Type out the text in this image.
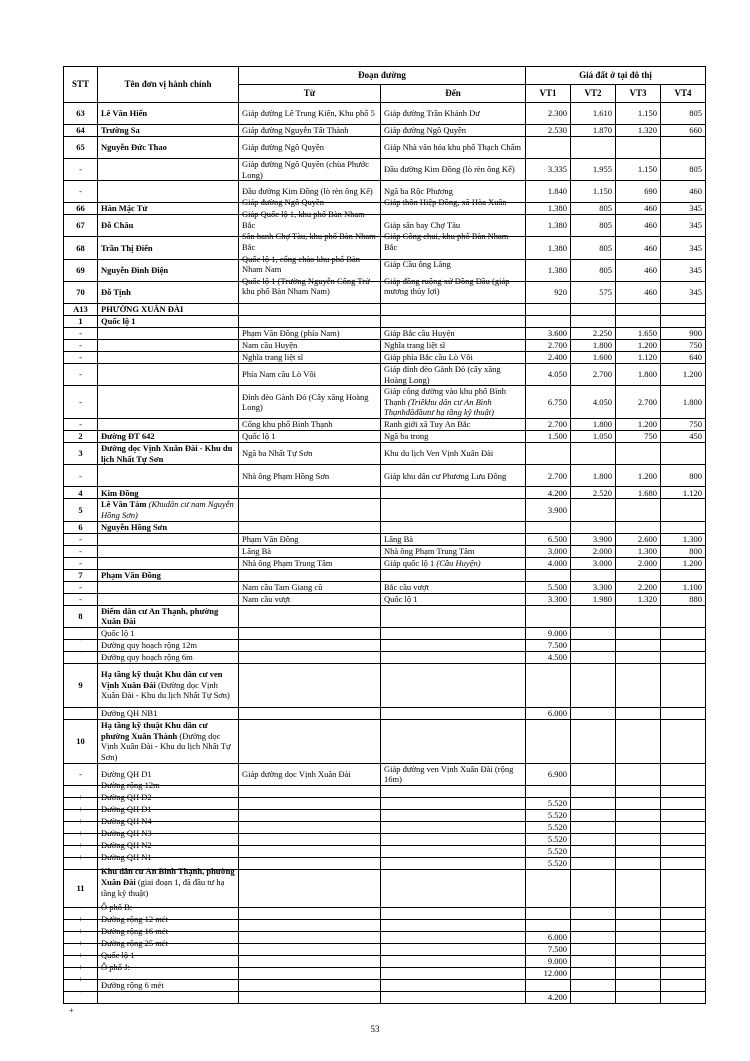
STT	Tên đơn vị hành chính	Đoạn đường		Giá đất ở tại đô thị			
		Từ	Đến	VT1	VT2	VT3	VT4
63	Lê Văn Hiển	Giáp đường Lê Trung Kiên, Khu phố 5	Giáp đường Trần Khánh Dư	2.300	1.610	1.150	805
64	Trường Sa	Giáp đường Nguyễn Tất Thành	Giáp đường Ngô Quyền	2.530	1.870	1.320	660
65	Nguyễn Đức Thao	Giáp đường Ngô Quyền	Giáp Nhà văn hóa khu phố Thạch Chẩm				
-		Giáp đường Ngô Quyền (chùa Phước Long)	Đầu đường Kim Đồng (lò rèn ông Kế)	3.335	1.955	1.150	805
-		Đầu đường Kim Đồng (lò rèn ông Kế)	Ngã ba Rộc Phương	1.840	1.150	690	460
66	Hàn Mặc Tử	Giáp đường Ngô Quyền	Giáp thôn Hiệp Đồng, xã Hòa Xuân	1.380	805	460	345
67	Đỗ Châu	Giáp Quốc lộ 1, khu phố Bàn Nham Bắc	Giáp sân bay Chợ Tàu	1.380	805	460	345
68	Trần Thị Điển	Sân banh Chợ Tàu, khu phố Bàn Nham Bắc	Giáp Cống chui, khu phố Bàn Nham Bắc	1.380	805	460	345
69	Nguyễn Đình Điện	Quốc lộ 1, cổng chào khu phố Bàn Nham Nam	Giáp Cầu ông Lãng	1.380	805	460	345
70	Đỗ Tịnh	Quốc lộ 1 (Trường Nguyễn Công Trứ - khu phố Bàn Nham Nam)	Giáp đồng ruộng xứ Đồng Đầu (giáp mương thủy lợi)	920	575	460	345
A13	PHƯỜNG XUÂN ĐÀI						
1	Quốc lộ 1						
-		Phạm Văn Đồng (phía Nam)	Giáp Bắc cầu Huyện	3.600	2.250	1.650	900
-		Nam cầu Huyện	Nghĩa trang liệt sĩ	2.700	1.800	1.200	750
-		Nghĩa trang liệt sĩ	Giáp phía Bắc cầu Lò Vôi	2.400	1.600	1.120	640
-		Phía Nam cầu Lò Vôi	Giáp đỉnh đèo Gành Đỏ (cây xăng Hoàng Long)	4.050	2.700	1.800	1.200
-		Đỉnh đèo Gành Đỏ (Cây xăng Hoàng Long)	Giáp cổng đường vào khu phố Bình Thạnh (Triềkhu dân cư An Bình Thạnhđãđầutư hạ tầng kỹ thuật)	6.750	4.050	2.700	1.800
-		Cổng khu phố Bình Thạnh	Ranh giới xã Tuy An Bắc	2.700	1.800	1.200	750
2	Đường ĐT 642	Quốc lộ 1	Ngã ba trong	1.500	1.050	750	450
3	Đường dọc Vịnh Xuân Đài - Khu du lịch Nhất Tự Sơn	Ngã ba Nhất Tự Sơn	Khu du lịch Ven Vịnh Xuân Đài				
-		Nhà ông Phạm Hồng Sơn	Giáp khu dân cư Phương Lưu Đông	2.700	1.800	1.200	800
4	Kim Đồng			4.200	2.520	1.680	1.120
5	Lê Văn Tám (Khudân cư nam Nguyễn Hồng Sơn)			3.900			
6	Nguyễn Hồng Sơn						
-		Phạm Văn Đồng	Lăng Bà	6.500	3.900	2.600	1.300
-		Lăng Bà	Nhà ông Phạm Trung Tâm	3.000	2.000	1.300	800
-		Nhà ông Phạm Trung Tâm	Giáp quốc lộ 1 (Cầu Huyện)	4.000	3.000	2.000	1.200
7	Phạm Văn Đồng						
-		Nam cầu Tam Giang cũ	Bắc cầu vượt	5.500	3.300	2.200	1.100
-		Nam cầu vượt	Quốc lộ 1	3.300	1.980	1.320	880
8	Điểm dân cư An Thạnh, phường Xuân Đài						

-	Quốc lộ 1			9.000			

-	Đường quy hoạch rộng 12m			7.500			

-	Đường quy hoạch rộng 6m			4.500			
9	Hạ tầng kỹ thuật Khu dân cư ven Vịnh Xuân Đài (Đường dọc Vịnh Xuân Đài - Khu du lịch Nhất Tự Sơn)						

-	Đường QH NB1			6.000			
10	Hạ tầng kỹ thuật Khu dân cư phường Xuân Thành (Đường dọc Vịnh Xuân Đài - Khu du lịch Nhất Tự Sơn)						
-	Đường QH D1	Giáp đường dọc Vịnh Xuân Đài	Giáp đường ven Vịnh Xuân Đài (rộng 16m)	6.900			

-	Đường rộng 12m						

+	Đường QH D2			5.520			

+	Đường QH D1			5.520			

+	Đường QH N4			5.520			

+	Đường QH N3			5.520			

+	Đường QH N2			5.520			

+	Đường QH N1			5.520			
11	Khu dân cư An Bình Thạnh, phường Xuân Đài (giai đoạn 1, đã đầu tư hạ tầng kỹ thuật)						

-	Ô phố B:						

+	Đường rộng 12 mét						

+	Đường rộng 16 mét			6.000			

+	Đường rộng 25 mét			7.500			

+	Quốc lộ 1			9.000			

+	Ô phố J:			12.000			

+	Đường rộng 6 mét						

-				4.200			
+
53
